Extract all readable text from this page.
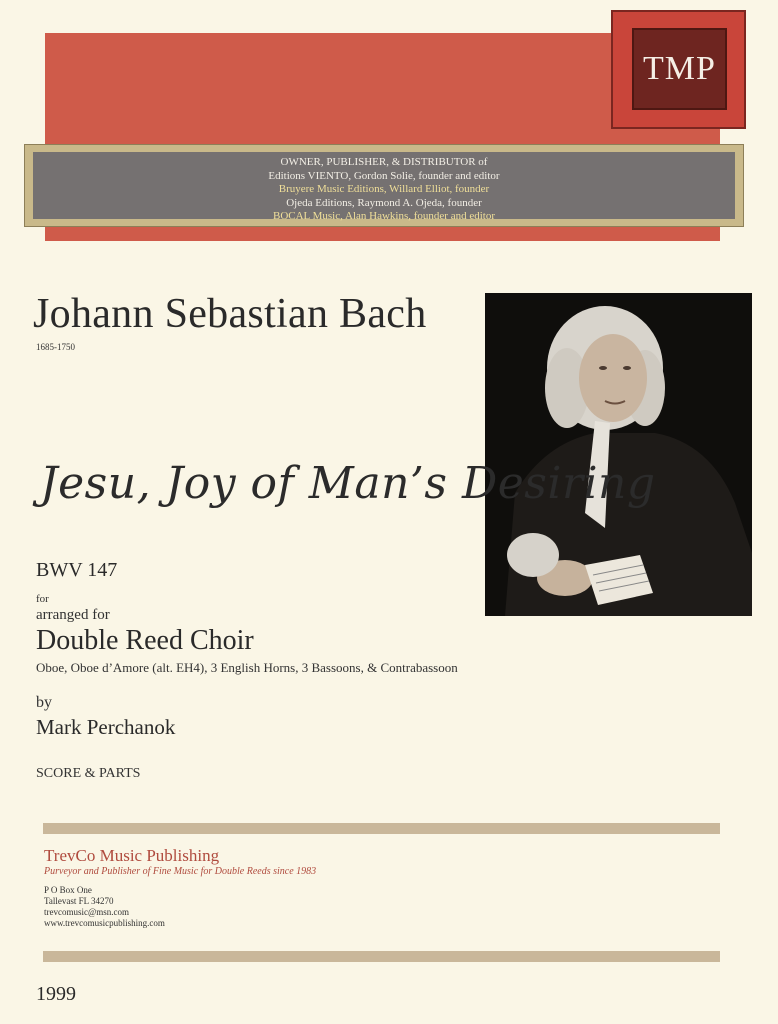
TMP
OWNER, PUBLISHER, & DISTRIBUTOR of
Editions VIENTO, Gordon Solie, founder and editor
Bruyere Music Editions, Willard Elliot, founder
Ojeda Editions, Raymond A. Ojeda, founder
BOCAL Music, Alan Hawkins, founder and editor
Johann Sebastian Bach
1685-1750
Jesu, Joy of Man’s Desiring
BWV 147
for
arranged for
Double Reed Choir
Oboe, Oboe d’Amore (alt. EH4), 3 English Horns, 3 Bassoons, & Contrabassoon
by
Mark Perchanok
SCORE & PARTS
TrevCo Music Publishing
Purveyor and Publisher of Fine Music for Double Reeds since 1983
P O Box One
Tallevast FL 34270
trevcomusic@msn.com
www.trevcomusicpublishing.com
1999
